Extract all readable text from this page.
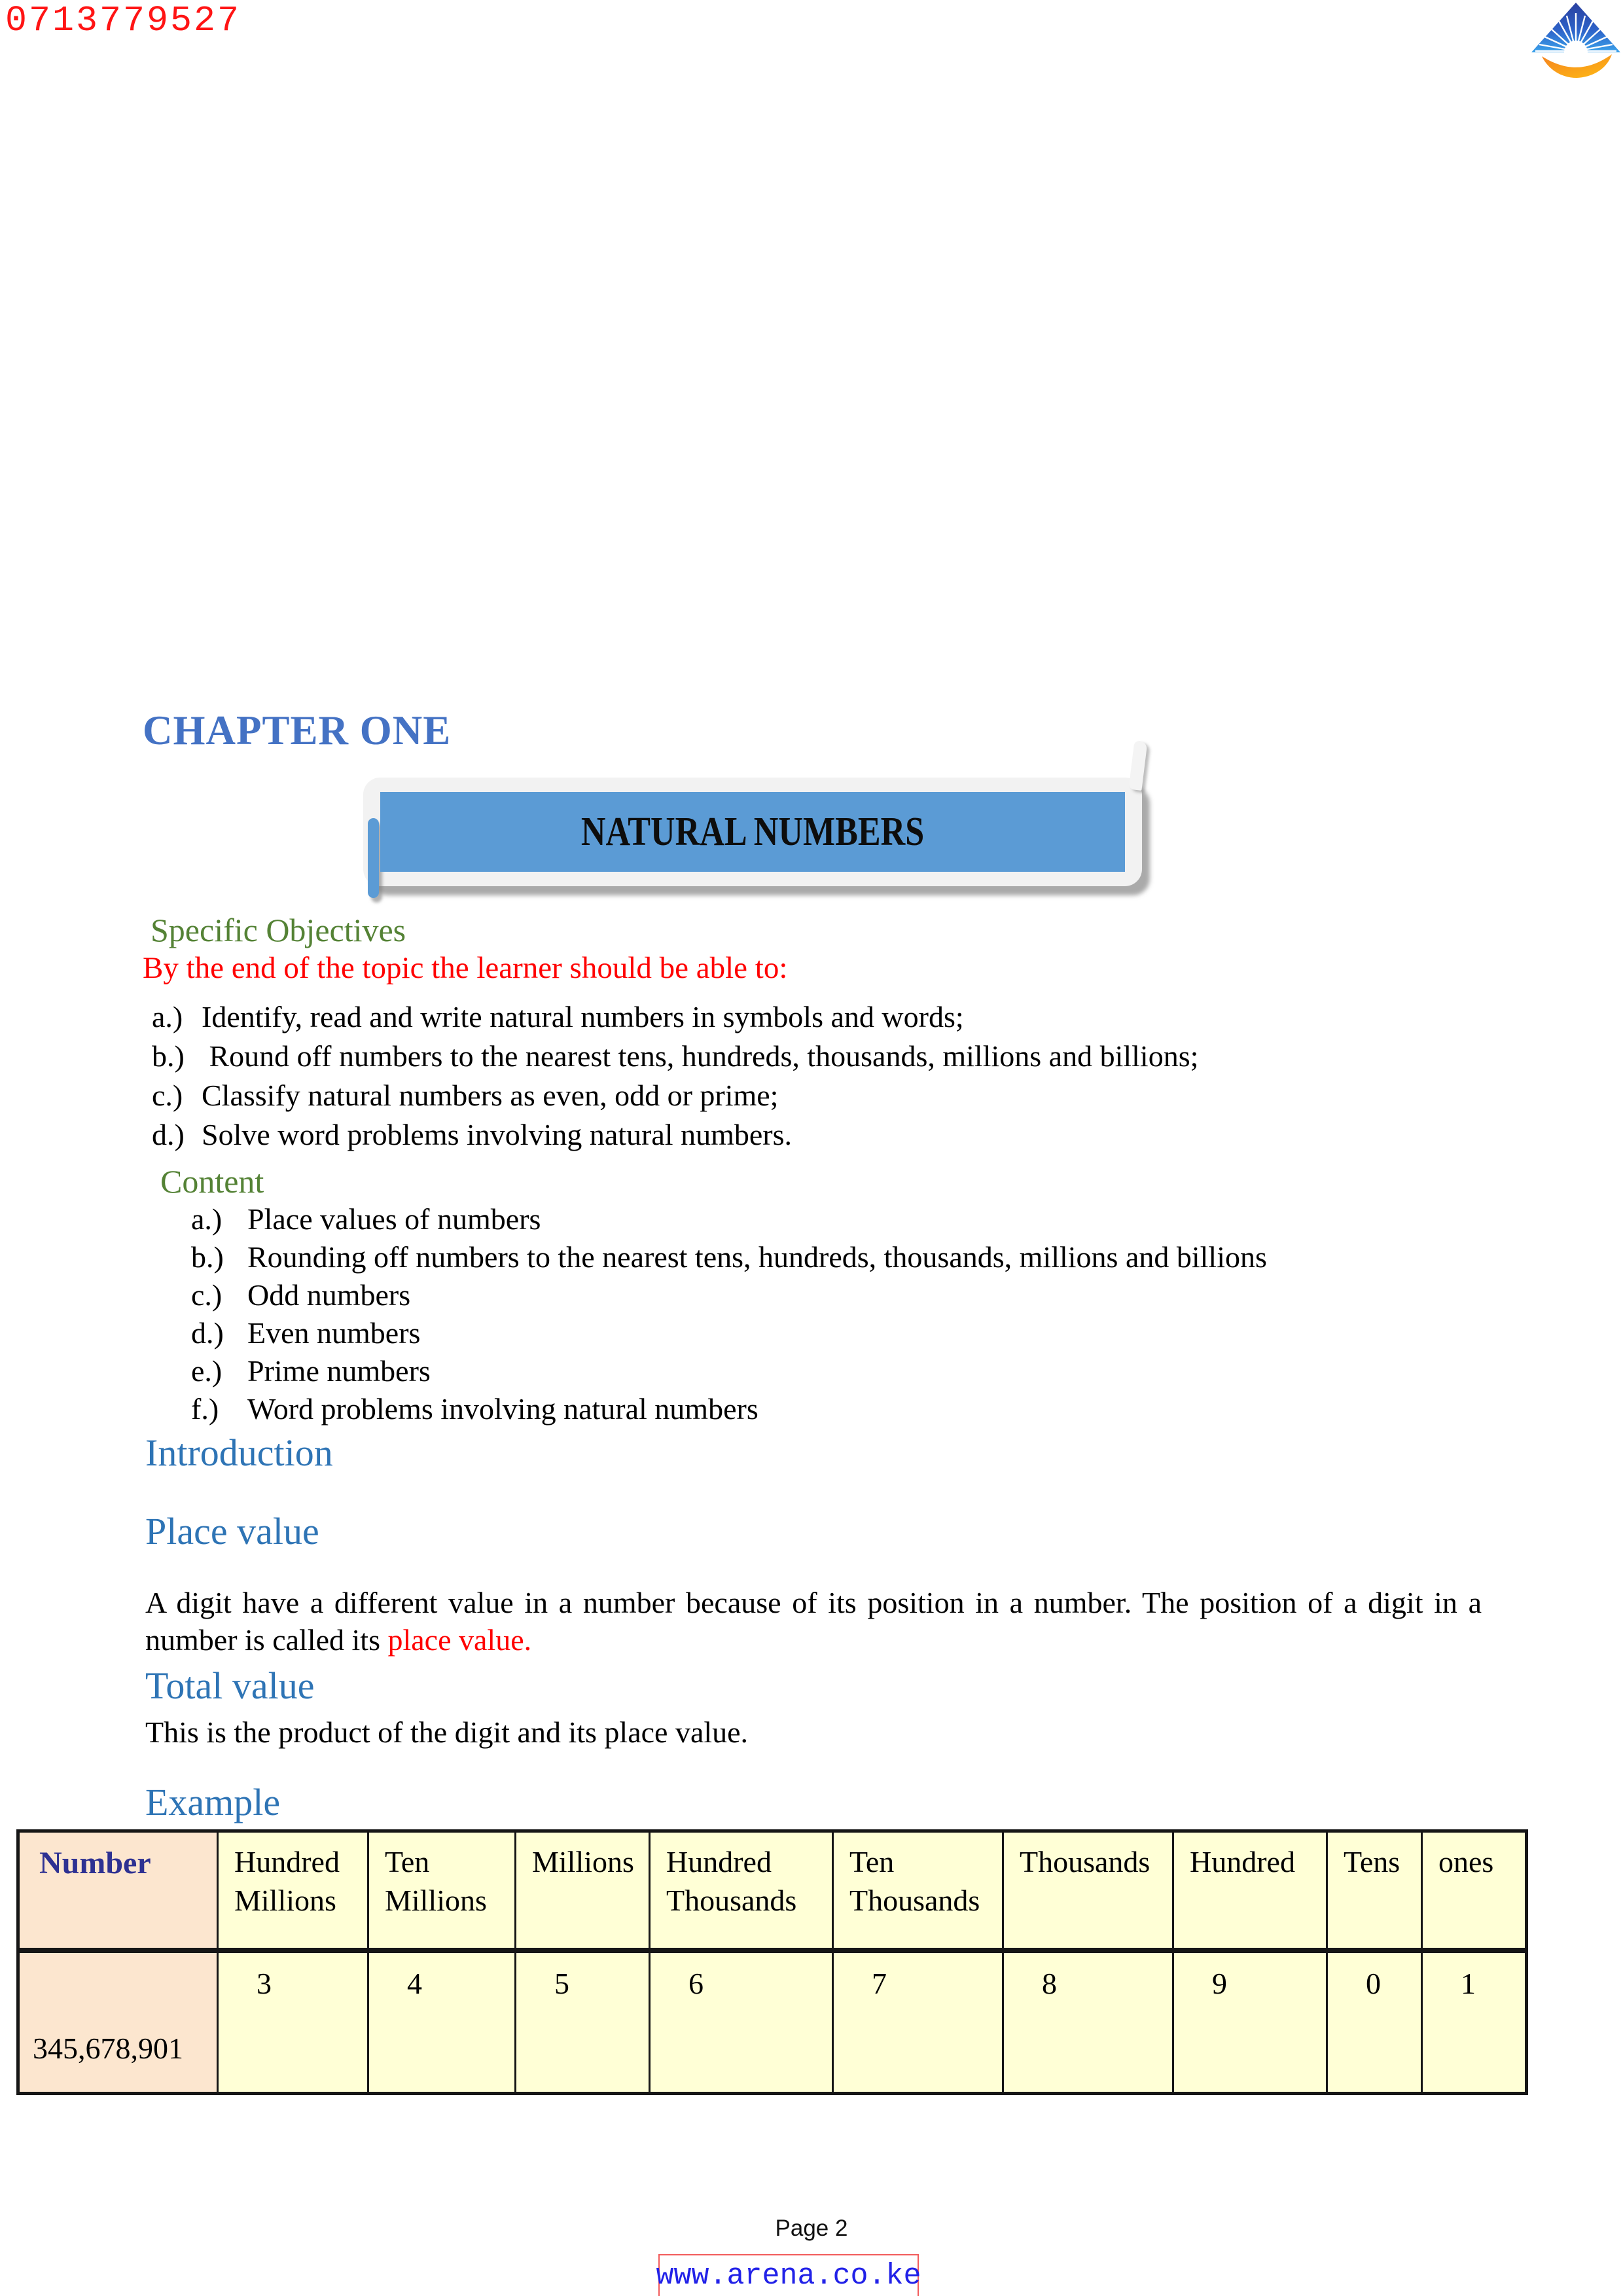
0713779527
CHAPTER ONE
NATURAL NUMBERS
Specific Objectives
By the end of the topic the learner should be able to:
a.) Identify, read and write natural numbers in symbols and words;
b.) Round off numbers to the nearest tens, hundreds, thousands, millions and billions;
c.) Classify natural numbers as even, odd or prime;
d.) Solve word problems involving natural numbers.
Content
a.) Place values of numbers
b.) Rounding off numbers to the nearest tens, hundreds, thousands, millions and billions
c.) Odd numbers
d.) Even numbers
e.) Prime numbers
f.) Word problems involving natural numbers
Introduction
Place value

A digit have a different value in a number because of its position in a number. The position of a digit in a number is called its place value.

Total value
This is the product of the digit and its place value.
Example
Number	Hundred Millions	Ten Millions	Millions	Hundred Thousands	Ten Thousands	Thousands	Hundred	Tens	ones
345,678,901	3	4	5	6	7	8	9	0	1
Page 2
www.arena.co.ke
